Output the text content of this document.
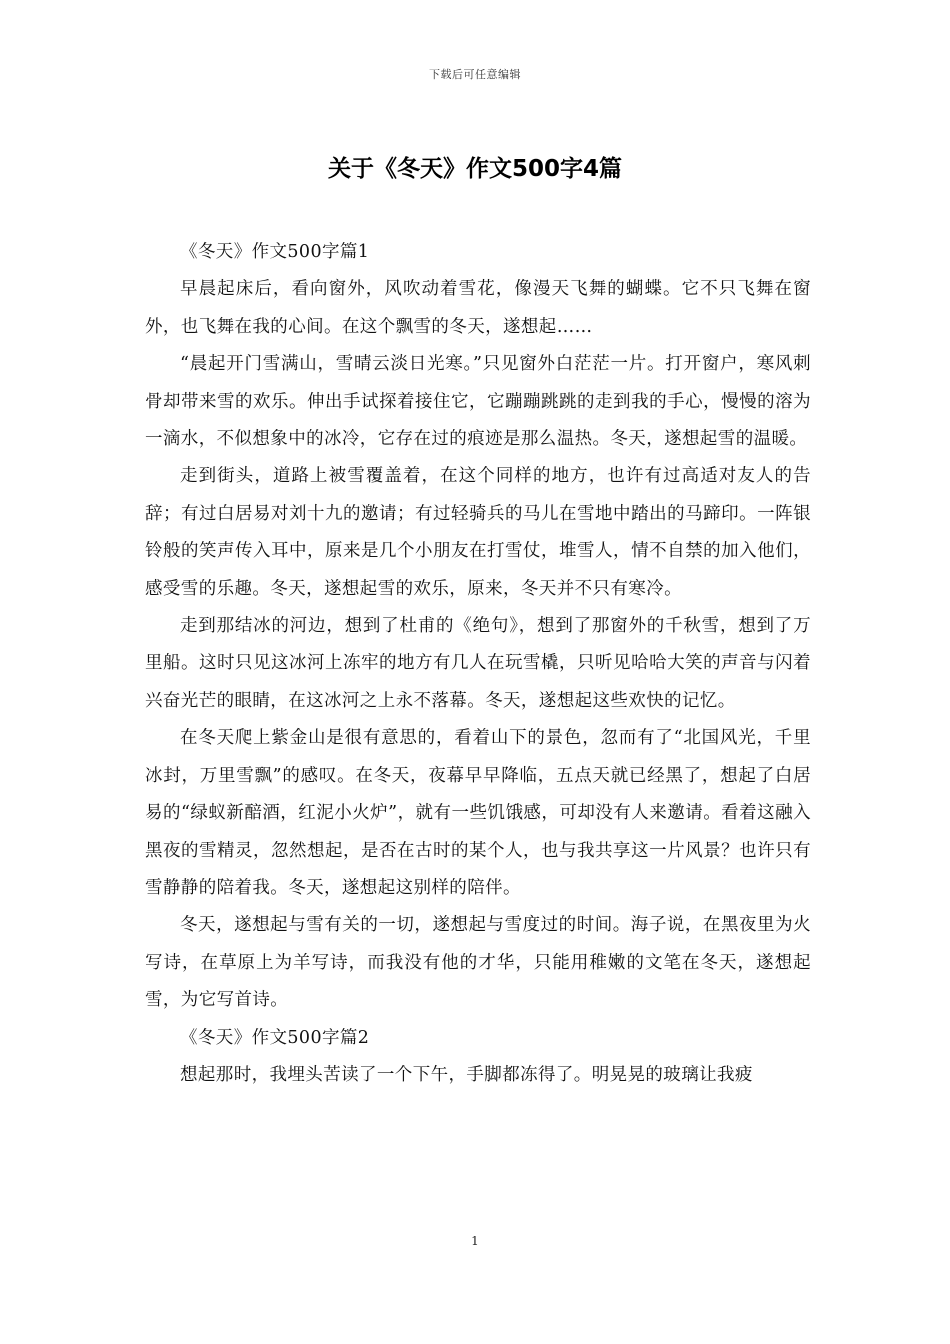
下载后可任意编辑
关于《冬天》作文500字4篇

《冬天》作文500字篇1

早晨起床后，看向窗外，风吹动着雪花，像漫天飞舞的蝴蝶。它不只飞舞在窗外，也飞舞在我的心间。在这个飘雪的冬天，遂想起……

“晨起开门雪满山，雪晴云淡日光寒。”只见窗外白茫茫一片。打开窗户，寒风刺骨却带来雪的欢乐。伸出手试探着接住它，它蹦蹦跳跳的走到我的手心，慢慢的溶为一滴水，不似想象中的冰冷，它存在过的痕迹是那么温热。冬天，遂想起雪的温暖。

走到街头，道路上被雪覆盖着，在这个同样的地方，也许有过高适对友人的告辞；有过白居易对刘十九的邀请；有过轻骑兵的马儿在雪地中踏出的马蹄印。一阵银铃般的笑声传入耳中，原来是几个小朋友在打雪仗，堆雪人，情不自禁的加入他们，感受雪的乐趣。冬天，遂想起雪的欢乐，原来，冬天并不只有寒冷。

走到那结冰的河边，想到了杜甫的《绝句》，想到了那窗外的千秋雪，想到了万里船。这时只见这冰河上冻牢的地方有几人在玩雪橇，只听见哈哈大笑的声音与闪着兴奋光芒的眼睛，在这冰河之上永不落幕。冬天，遂想起这些欢快的记忆。

在冬天爬上紫金山是很有意思的，看着山下的景色，忽而有了“北国风光，千里冰封，万里雪飘”的感叹。在冬天，夜幕早早降临，五点天就已经黑了，想起了白居易的“绿蚁新醅酒，红泥小火炉”，就有一些饥饿感，可却没有人来邀请。看着这融入黑夜的雪精灵，忽然想起，是否在古时的某个人，也与我共享这一片风景？也许只有雪静静的陪着我。冬天，遂想起这别样的陪伴。

冬天，遂想起与雪有关的一切，遂想起与雪度过的时间。海子说，在黑夜里为火写诗，在草原上为羊写诗，而我没有他的才华，只能用稚嫩的文笔在冬天，遂想起雪，为它写首诗。

《冬天》作文500字篇2

想起那时，我埋头苦读了一个下午，手脚都冻得了。明晃晃的玻璃让我疲

1
